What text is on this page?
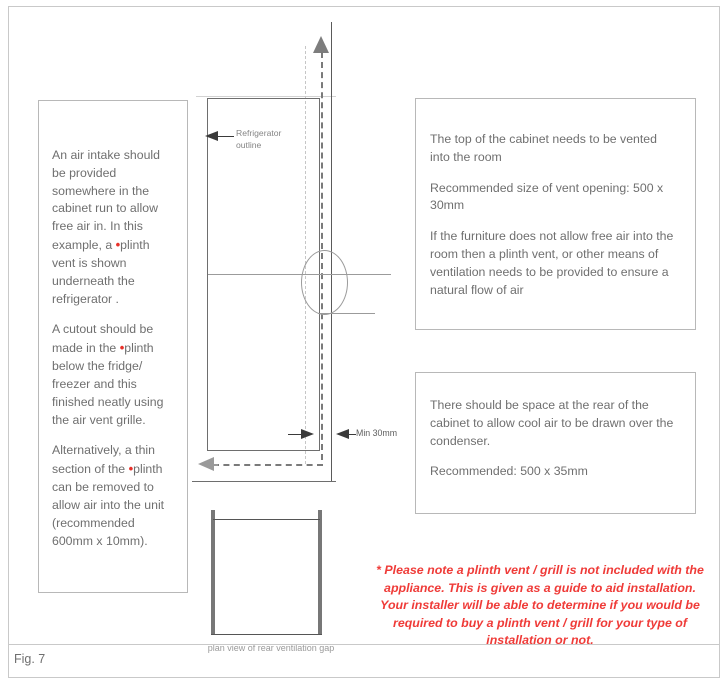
An air intake should be provided somewhere in the cabinet run to allow free air in. In this example, a •plinth vent is shown underneath the refrigerator .

A cutout should be made in the •plinth below the fridge/ freezer and this finished neatly using the air vent grille.

Alternatively, a thin section of the •plinth can be removed to allow air into the unit (recommended 600mm x 10mm).

The top of the cabinet needs to be vented into the room

Recommended size of vent opening: 500 x 30mm

If the furniture does not allow free air into the room then a plinth vent, or other means of ventilation needs to be provided to ensure a natural flow of air

There should be space at the rear of the cabinet to allow cool air to be drawn over the condenser.

Recommended: 500 x 35mm

* Please note a plinth vent / grill is not included with the appliance. This is given as a guide to aid installation. Your installer will be able to determine if you would be required to buy a plinth vent / grill for your type of installation or not.
Refrigerator outline
Min 30mm
plan view of rear ventilation gap
Fig. 7
